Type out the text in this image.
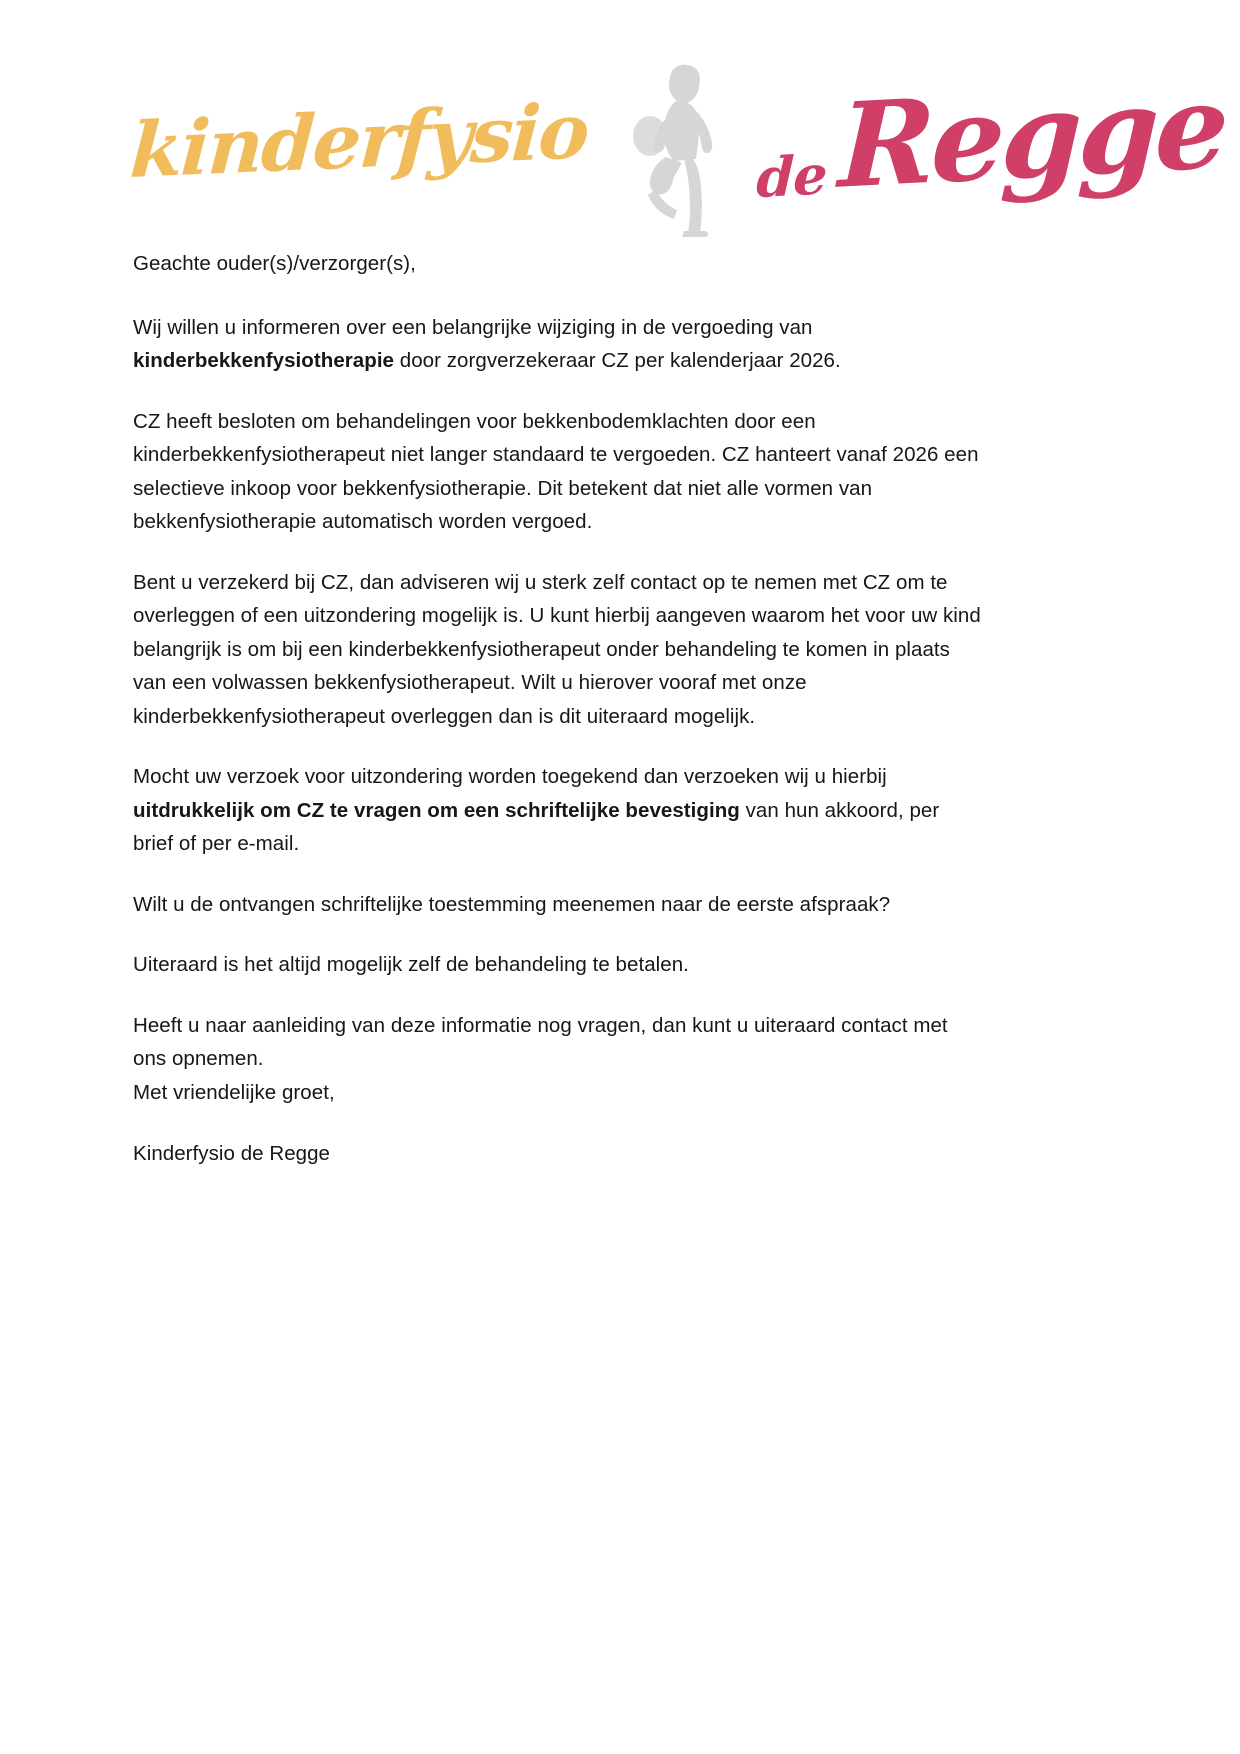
kinderfysio	de Regge

Geachte ouder(s)/verzorger(s),

Wij willen u informeren over een belangrijke wijziging in de vergoeding van kinderbekkenfysiotherapie door zorgverzekeraar CZ per kalenderjaar 2026.

CZ heeft besloten om behandelingen voor bekkenbodemklachten door een kinderbekkenfysiotherapeut niet langer standaard te vergoeden. CZ hanteert vanaf 2026 een selectieve inkoop voor bekkenfysiotherapie. Dit betekent dat niet alle vormen van bekkenfysiotherapie automatisch worden vergoed.

Bent u verzekerd bij CZ, dan adviseren wij u sterk zelf contact op te nemen met CZ om te overleggen of een uitzondering mogelijk is. U kunt hierbij aangeven waarom het voor uw kind belangrijk is om bij een kinderbekkenfysiotherapeut onder behandeling te komen in plaats van een volwassen bekkenfysiotherapeut. Wilt u hierover vooraf met onze kinderbekkenfysiotherapeut overleggen dan is dit uiteraard mogelijk.

Mocht uw verzoek voor uitzondering worden toegekend dan verzoeken wij u hierbij uitdrukkelijk om CZ te vragen om een schriftelijke bevestiging van hun akkoord, per brief of per e-mail.

Wilt u de ontvangen schriftelijke toestemming meenemen naar de eerste afspraak?

Uiteraard is het altijd mogelijk zelf de behandeling te betalen.

Heeft u naar aanleiding van deze informatie nog vragen, dan kunt u uiteraard contact met ons opnemen.

Met vriendelijke groet,

Kinderfysio de Regge
